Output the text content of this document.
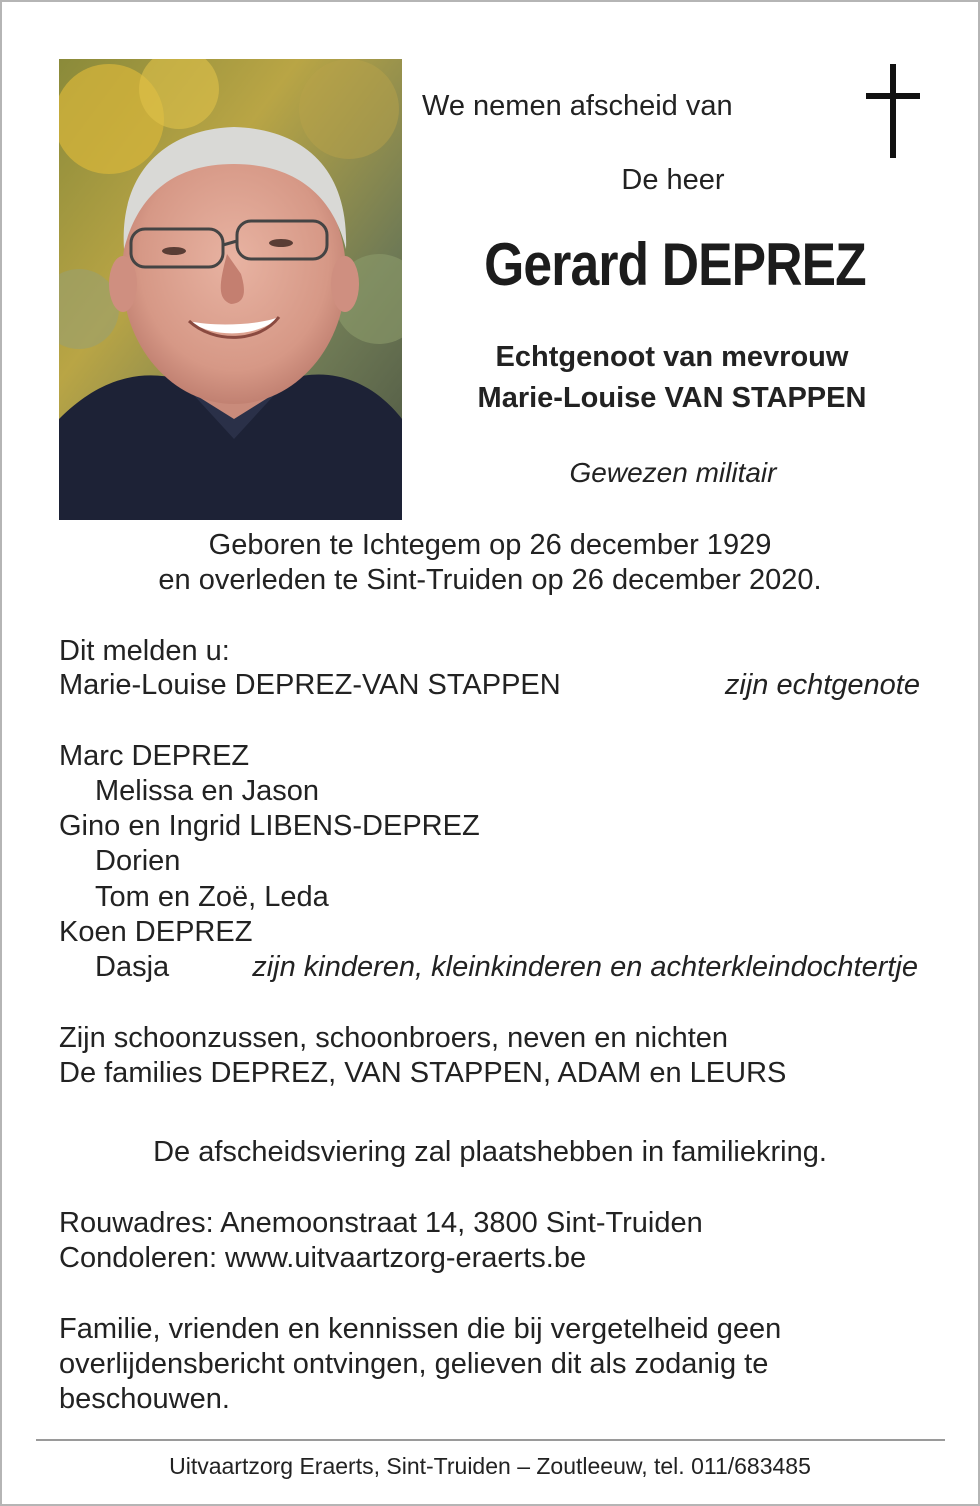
We nemen afscheid van
De heer
Gerard DEPREZ
Echtgenoot van mevrouw
Marie-Louise VAN STAPPEN
Gewezen militair
Geboren te Ichtegem op 26 december 1929
en overleden te Sint-Truiden op 26 december 2020.
Dit melden u:
Marie-Louise DEPREZ-VAN STAPPEN	zijn echtgenote
Marc DEPREZ
Melissa en Jason
Gino en Ingrid LIBENS-DEPREZ
Dorien
Tom en Zoë, Leda
Koen DEPREZ
Dasja	zijn kinderen, kleinkinderen en achterkleindochtertje
Zijn schoonzussen, schoonbroers, neven en nichten
De families DEPREZ, VAN STAPPEN, ADAM en LEURS
De afscheidsviering zal plaatshebben in familiekring.
Rouwadres: Anemoonstraat 14, 3800 Sint-Truiden
Condoleren: www.uitvaartzorg-eraerts.be
Familie, vrienden en kennissen die bij vergetelheid geen
overlijdensbericht ontvingen, gelieven dit als zodanig te
beschouwen.
Uitvaartzorg Eraerts, Sint-Truiden – Zoutleeuw, tel. 011/683485
